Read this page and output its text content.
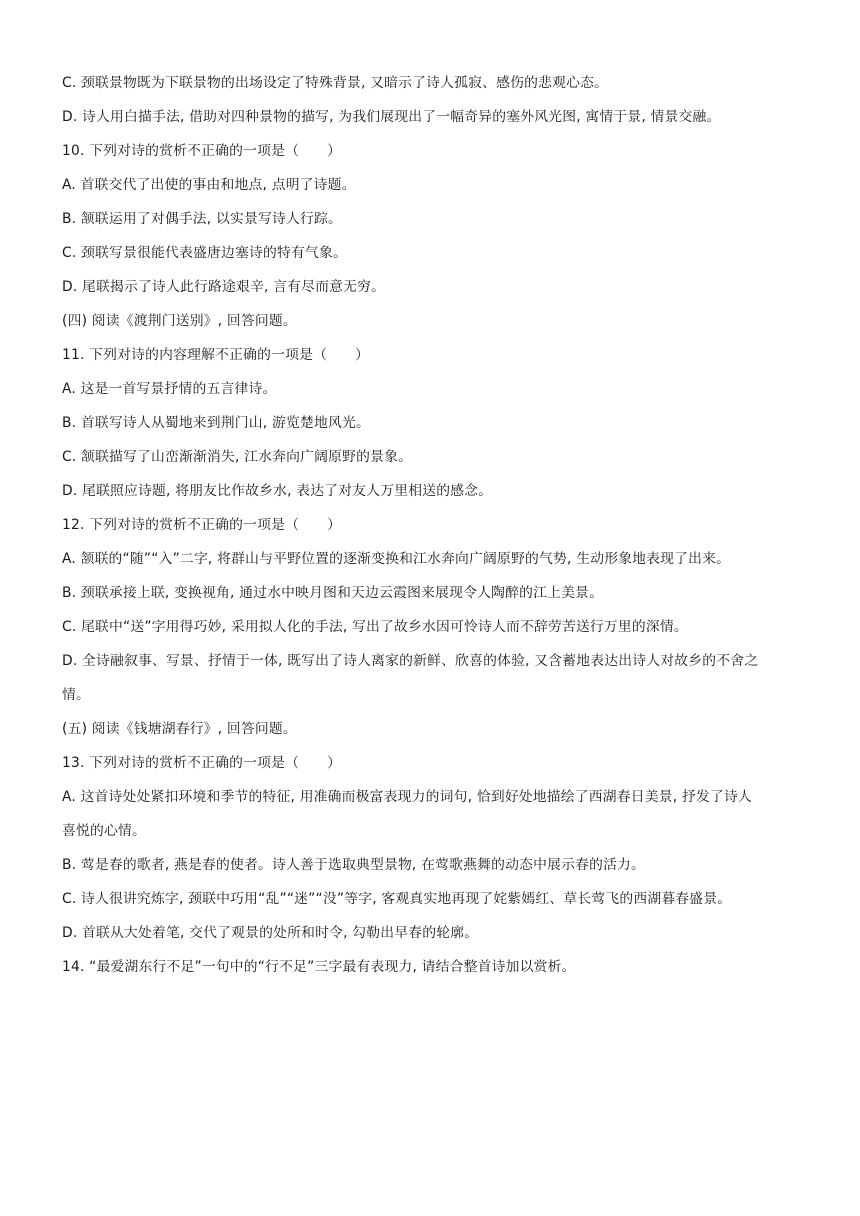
C. 颈联景物既为下联景物的出场设定了特殊背景, 又暗示了诗人孤寂、感伤的悲观心态。
D. 诗人用白描手法, 借助对四种景物的描写, 为我们展现出了一幅奇异的塞外风光图, 寓情于景, 情景交融。
10. 下列对诗的赏析不正确的一项是（　　）
A. 首联交代了出使的事由和地点, 点明了诗题。
B. 颔联运用了对偶手法, 以实景写诗人行踪。
C. 颈联写景很能代表盛唐边塞诗的特有气象。
D. 尾联揭示了诗人此行路途艰辛, 言有尽而意无穷。
(四) 阅读《渡荆门送别》, 回答问题。
11. 下列对诗的内容理解不正确的一项是（　　）
A. 这是一首写景抒情的五言律诗。
B. 首联写诗人从蜀地来到荆门山, 游览楚地风光。
C. 颔联描写了山峦渐渐消失, 江水奔向广阔原野的景象。
D. 尾联照应诗题, 将朋友比作故乡水, 表达了对友人万里相送的感念。
12. 下列对诗的赏析不正确的一项是（　　）
A. 颔联的“随”“入”二字, 将群山与平野位置的逐渐变换和江水奔向广阔原野的气势, 生动形象地表现了出来。
B. 颈联承接上联, 变换视角, 通过水中映月图和天边云霞图来展现令人陶醉的江上美景。
C. 尾联中“送”字用得巧妙, 采用拟人化的手法, 写出了故乡水因可怜诗人而不辞劳苦送行万里的深情。
D. 全诗融叙事、写景、抒情于一体, 既写出了诗人离家的新鲜、欣喜的体验, 又含蓄地表达出诗人对故乡的不舍之
情。
(五) 阅读《钱塘湖春行》, 回答问题。
13. 下列对诗的赏析不正确的一项是（　　）
A. 这首诗处处紧扣环境和季节的特征, 用准确而极富表现力的词句, 恰到好处地描绘了西湖春日美景, 抒发了诗人
喜悦的心情。
B. 莺是春的歌者, 燕是春的使者。诗人善于选取典型景物, 在莺歌燕舞的动态中展示春的活力。
C. 诗人很讲究炼字, 颈联中巧用“乱”“迷”“没”等字, 客观真实地再现了姹紫嫣红、草长莺飞的西湖暮春盛景。
D. 首联从大处着笔, 交代了观景的处所和时令, 勾勒出早春的轮廓。
14. “最爱湖东行不足”一句中的“行不足”三字最有表现力, 请结合整首诗加以赏析。
